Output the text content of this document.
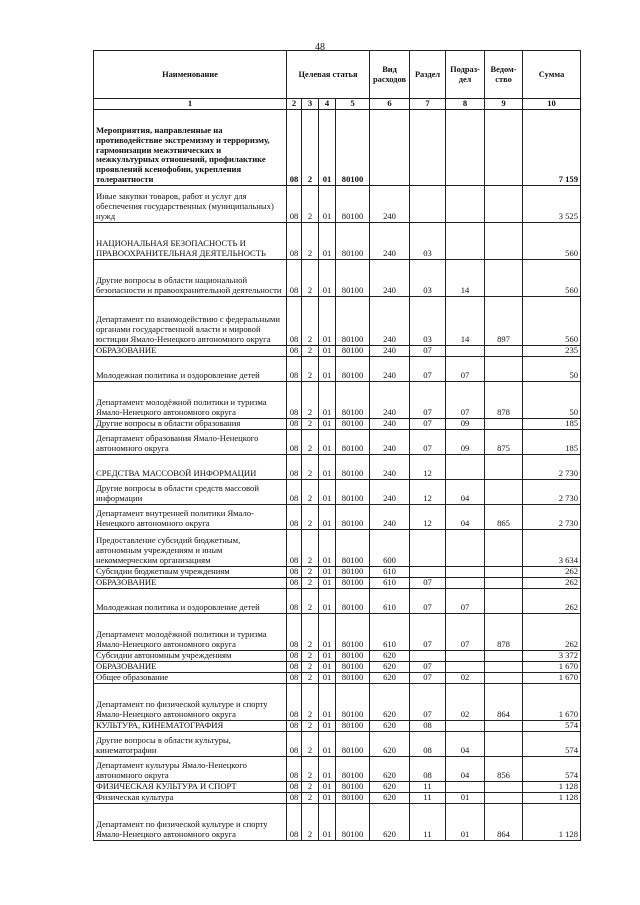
48
Наименование	Целевая статья				Вид расходов	Раздел	Подраз-дел	Ведом-ство	Сумма
1	2	3	4	5	6	7	8	9	10
Мероприятия, направленные на противодействие экстремизму и терроризму, гармонизации межэтнических и межкультурных отношений, профилактике проявлений ксенофобии, укрепления толерантности	08	2	01	80100					7 159
Иные закупки товаров, работ и услуг для обеспечения государственных (муниципальных) нужд	08	2	01	80100	240				3 525
НАЦИОНАЛЬНАЯ БЕЗОПАСНОСТЬ И ПРАВООХРАНИТЕЛЬНАЯ ДЕЯТЕЛЬНОСТЬ	08	2	01	80100	240	03			560
Другие вопросы в области национальной безопасности и правоохранительной деятельности	08	2	01	80100	240	03	14		560
Департамент по взаимодействию с федеральными органами государственной власти и мировой юстиции Ямало-Ненецкого автономного округа	08	2	01	80100	240	03	14	897	560
ОБРАЗОВАНИЕ	08	2	01	80100	240	07			235
Молодежная политика и оздоровление детей	08	2	01	80100	240	07	07		50
Департамент молодёжной политики и туризма Ямало-Ненецкого автономного округа	08	2	01	80100	240	07	07	878	50
Другие вопросы в области образования	08	2	01	80100	240	07	09		185
Департамент образования Ямало-Ненецкого автономного округа	08	2	01	80100	240	07	09	875	185
СРЕДСТВА МАССОВОЙ ИНФОРМАЦИИ	08	2	01	80100	240	12			2 730
Другие вопросы в области средств массовой информации	08	2	01	80100	240	12	04		2 730
Департамент внутренней политики Ямало-Ненецкого автономного округа	08	2	01	80100	240	12	04	865	2 730
Предоставление субсидий бюджетным, автономным учреждениям и иным некоммерческим организациям	08	2	01	80100	600				3 634
Субсидии бюджетным учреждениям	08	2	01	80100	610				262
ОБРАЗОВАНИЕ	08	2	01	80100	610	07			262
Молодежная политика и оздоровление детей	08	2	01	80100	610	07	07		262
Департамент молодёжной политики и туризма Ямало-Ненецкого автономного округа	08	2	01	80100	610	07	07	878	262
Субсидии автономным учреждениям	08	2	01	80100	620				3 372
ОБРАЗОВАНИЕ	08	2	01	80100	620	07			1 670
Общее образование	08	2	01	80100	620	07	02		1 670
Департамент по физической культуре и спорту Ямало-Ненецкого автономного округа	08	2	01	80100	620	07	02	864	1 670
КУЛЬТУРА, КИНЕМАТОГРАФИЯ	08	2	01	80100	620	08			574
Другие вопросы в области культуры, кинематографии	08	2	01	80100	620	08	04		574
Департамент культуры Ямало-Ненецкого автономного округа	08	2	01	80100	620	08	04	856	574
ФИЗИЧЕСКАЯ КУЛЬТУРА И СПОРТ	08	2	01	80100	620	11			1 128
Физическая культура	08	2	01	80100	620	11	01		1 128
Департамент по физической культуре и спорту Ямало-Ненецкого автономного округа	08	2	01	80100	620	11	01	864	1 128
